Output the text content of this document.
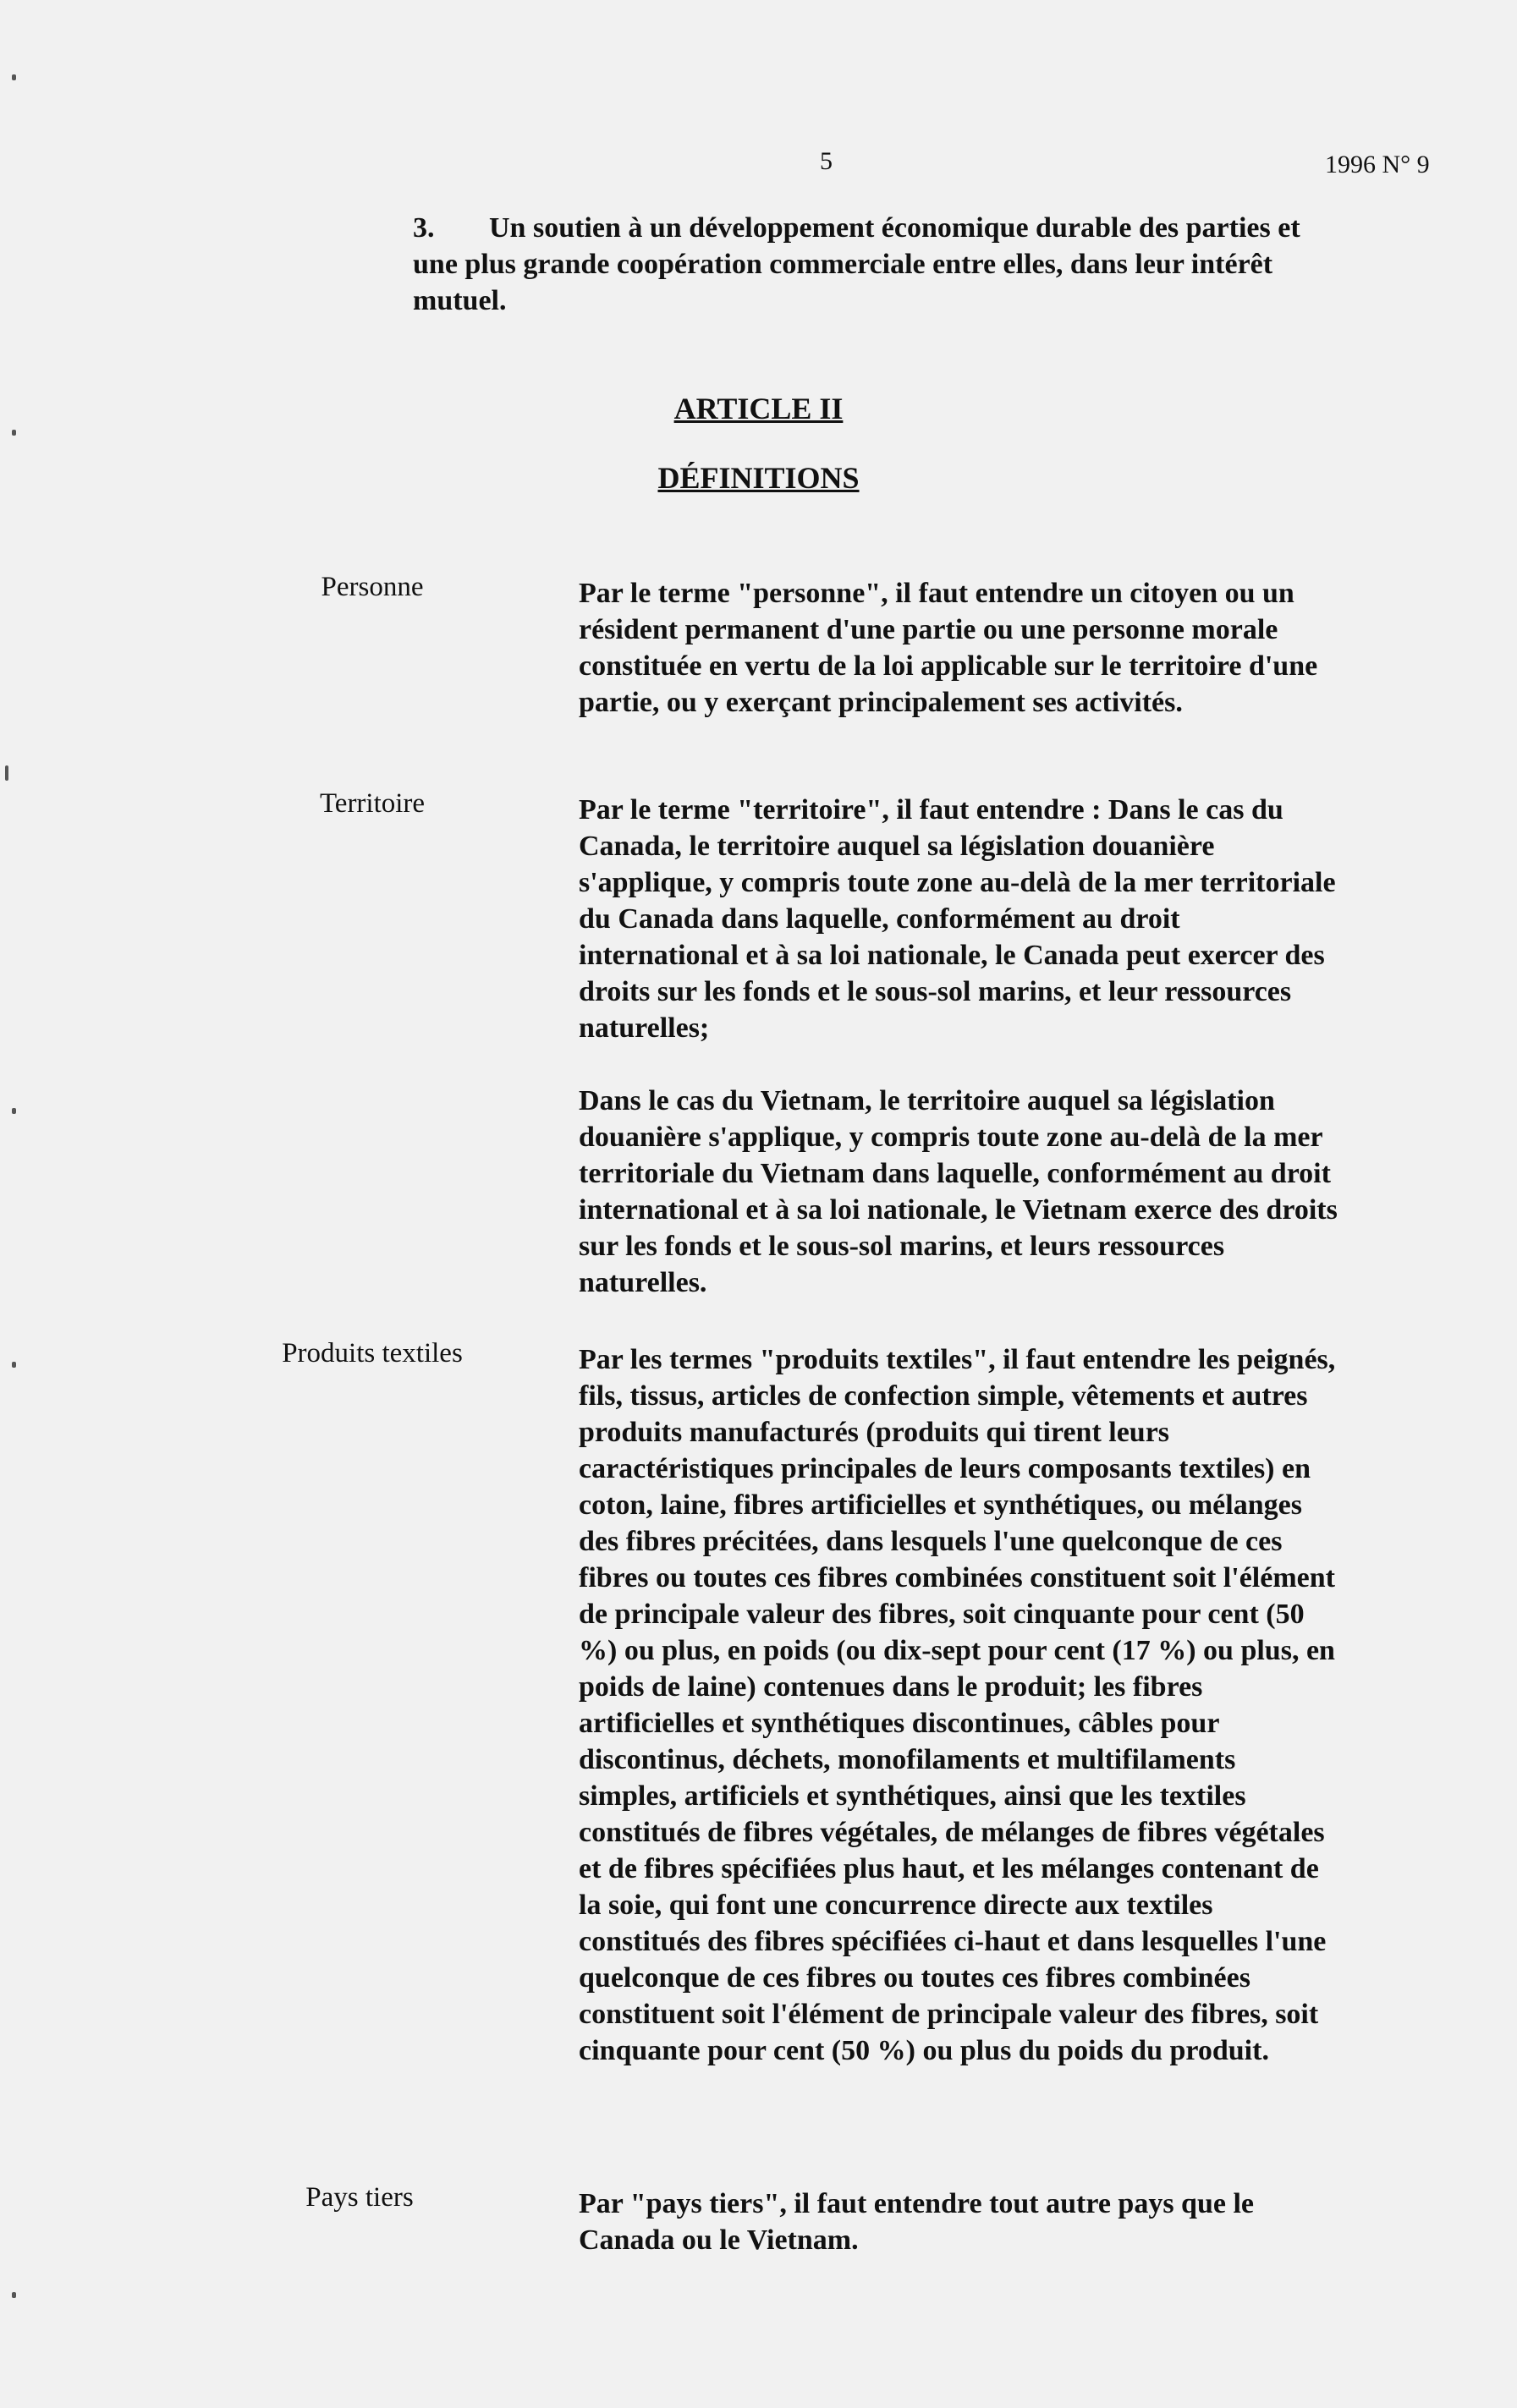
5	1996 N° 9
3. Un soutien à un développement économique durable des parties et une plus grande coopération commerciale entre elles, dans leur intérêt mutuel.
ARTICLE II
DÉFINITIONS
Personne	Par le terme "personne", il faut entendre un citoyen ou un résident permanent d'une partie ou une personne morale constituée en vertu de la loi applicable sur le territoire d'une partie, ou y exerçant principalement ses activités.

Territoire	Par le terme "territoire", il faut entendre : Dans le cas du Canada, le territoire auquel sa législation douanière s'applique, y compris toute zone au-delà de la mer territoriale du Canada dans laquelle, conformément au droit international et à sa loi nationale, le Canada peut exercer des droits sur les fonds et le sous-sol marins, et leur ressources naturelles;

Dans le cas du Vietnam, le territoire auquel sa législation douanière s'applique, y compris toute zone au-delà de la mer territoriale du Vietnam dans laquelle, conformément au droit international et à sa loi nationale, le Vietnam exerce des droits sur les fonds et le sous-sol marins, et leurs ressources naturelles.

Produits textiles	Par les termes "produits textiles", il faut entendre les peignés, fils, tissus, articles de confection simple, vêtements et autres produits manufacturés (produits qui tirent leurs caractéristiques principales de leurs composants textiles) en coton, laine, fibres artificielles et synthétiques, ou mélanges des fibres précitées, dans lesquels l'une quelconque de ces fibres ou toutes ces fibres combinées constituent soit l'élément de principale valeur des fibres, soit cinquante pour cent (50 %) ou plus, en poids (ou dix-sept pour cent (17 %) ou plus, en poids de laine) contenues dans le produit; les fibres artificielles et synthétiques discontinues, câbles pour discontinus, déchets, monofilaments et multifilaments simples, artificiels et synthétiques, ainsi que les textiles constitués de fibres végétales, de mélanges de fibres végétales et de fibres spécifiées plus haut, et les mélanges contenant de la soie, qui font une concurrence directe aux textiles constitués des fibres spécifiées ci-haut et dans lesquelles l'une quelconque de ces fibres ou toutes ces fibres combinées constituent soit l'élément de principale valeur des fibres, soit cinquante pour cent (50 %) ou plus du poids du produit.

Pays tiers	Par "pays tiers", il faut entendre tout autre pays que le Canada ou le Vietnam.
